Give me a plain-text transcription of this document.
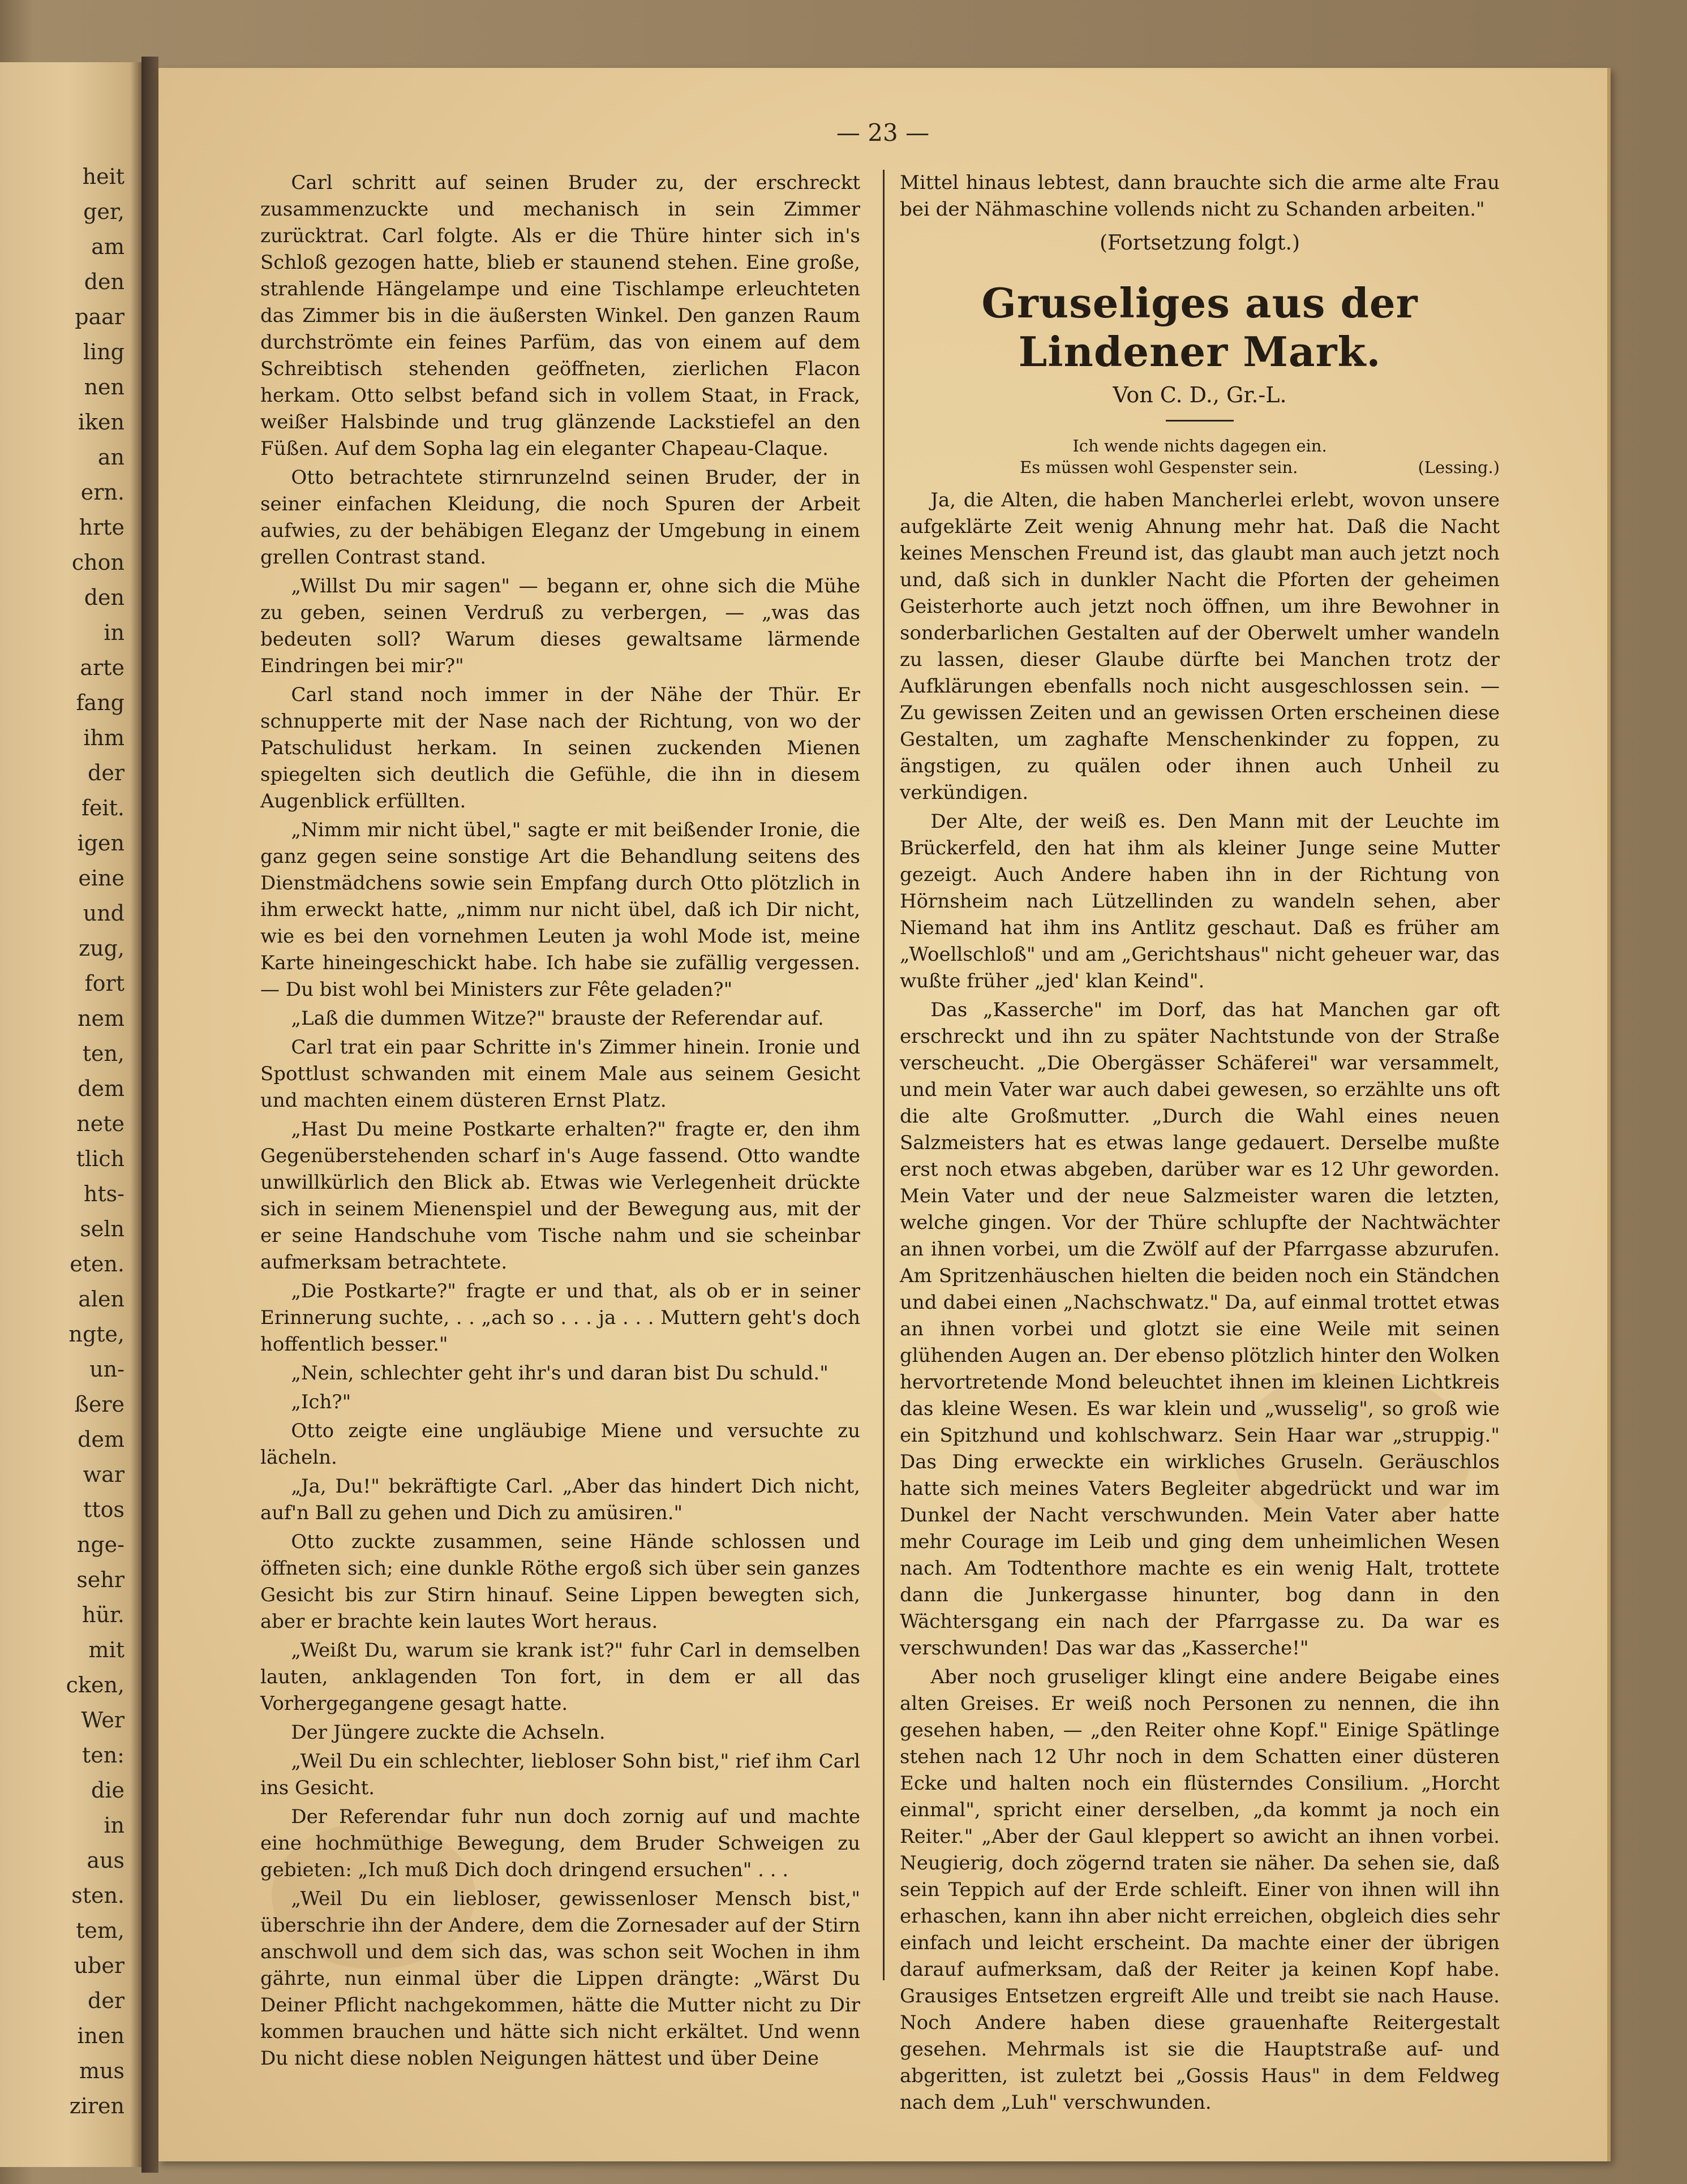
heit
ger,
am
den
paar
ling
nen
iken
an
ern.
hrte
chon
den
in
arte
fang
ihm
der
feit.
igen
eine
und
zug,
fort
nem
ten,
dem
nete
tlich
hts-
seln
eten.
alen
ngte,
un-
ßere
dem
war
ttos
nge-
sehr
hür.
mit
cken,
Wer
ten:
die
in
aus
sten.
tem,
uber
der
inen
mus
ziren
— 23 —

Carl schritt auf seinen Bruder zu, der erschreckt zusammenzuckte und mechanisch in sein Zimmer zurücktrat. Carl folgte. Als er die Thüre hinter sich in's Schloß gezogen hatte, blieb er staunend stehen. Eine große, strahlende Hängelampe und eine Tischlampe erleuchteten das Zimmer bis in die äußersten Winkel. Den ganzen Raum durchströmte ein feines Parfüm, das von einem auf dem Schreibtisch stehenden geöffneten, zierlichen Flacon herkam. Otto selbst befand sich in vollem Staat, in Frack, weißer Halsbinde und trug glänzende Lackstiefel an den Füßen. Auf dem Sopha lag ein eleganter Chapeau-Claque.

Otto betrachtete stirnrunzelnd seinen Bruder, der in seiner einfachen Kleidung, die noch Spuren der Arbeit aufwies, zu der behäbigen Eleganz der Umgebung in einem grellen Contrast stand.

„Willst Du mir sagen" — begann er, ohne sich die Mühe zu geben, seinen Verdruß zu verbergen, — „was das bedeuten soll? Warum dieses gewaltsame lärmende Eindringen bei mir?"

Carl stand noch immer in der Nähe der Thür. Er schnupperte mit der Nase nach der Richtung, von wo der Patschulidust herkam. In seinen zuckenden Mienen spiegelten sich deutlich die Gefühle, die ihn in diesem Augenblick erfüllten.

„Nimm mir nicht übel," sagte er mit beißender Ironie, die ganz gegen seine sonstige Art die Behandlung seitens des Dienstmädchens sowie sein Empfang durch Otto plötzlich in ihm erweckt hatte, „nimm nur nicht übel, daß ich Dir nicht, wie es bei den vornehmen Leuten ja wohl Mode ist, meine Karte hineingeschickt habe. Ich habe sie zufällig vergessen. — Du bist wohl bei Ministers zur Fête geladen?"

„Laß die dummen Witze?" brauste der Referendar auf.

Carl trat ein paar Schritte in's Zimmer hinein. Ironie und Spottlust schwanden mit einem Male aus seinem Gesicht und machten einem düsteren Ernst Platz.

„Hast Du meine Postkarte erhalten?" fragte er, den ihm Gegenüberstehenden scharf in's Auge fassend. Otto wandte unwillkürlich den Blick ab. Etwas wie Verlegenheit drückte sich in seinem Mienenspiel und der Bewegung aus, mit der er seine Handschuhe vom Tische nahm und sie scheinbar aufmerksam betrachtete.

„Die Postkarte?" fragte er und that, als ob er in seiner Erinnerung suchte, . . „ach so . . . ja . . . Muttern geht's doch hoffentlich besser."

„Nein, schlechter geht ihr's und daran bist Du schuld."

„Ich?"

Otto zeigte eine ungläubige Miene und versuchte zu lächeln.

„Ja, Du!" bekräftigte Carl. „Aber das hindert Dich nicht, auf'n Ball zu gehen und Dich zu amüsiren."

Otto zuckte zusammen, seine Hände schlossen und öffneten sich; eine dunkle Röthe ergoß sich über sein ganzes Gesicht bis zur Stirn hinauf. Seine Lippen bewegten sich, aber er brachte kein lautes Wort heraus.

„Weißt Du, warum sie krank ist?" fuhr Carl in demselben lauten, anklagenden Ton fort, in dem er all das Vorhergegangene gesagt hatte.

Der Jüngere zuckte die Achseln.

„Weil Du ein schlechter, liebloser Sohn bist," rief ihm Carl ins Gesicht.

Der Referendar fuhr nun doch zornig auf und machte eine hochmüthige Bewegung, dem Bruder Schweigen zu gebieten: „Ich muß Dich doch dringend ersuchen" . . .

„Weil Du ein liebloser, gewissenloser Mensch bist," überschrie ihn der Andere, dem die Zornesader auf der Stirn anschwoll und dem sich das, was schon seit Wochen in ihm gährte, nun einmal über die Lippen drängte: „Wärst Du Deiner Pflicht nachgekommen, hätte die Mutter nicht zu Dir kommen brauchen und hätte sich nicht erkältet. Und wenn Du nicht diese noblen Neigungen hättest und über Deine

Mittel hinaus lebtest, dann brauchte sich die arme alte Frau bei der Nähmaschine vollends nicht zu Schanden arbeiten."

(Fortsetzung folgt.)
Gruseliges aus der Lindener Mark.
Von C. D., Gr.-L.
Ich wende nichts dagegen ein.
Es müssen wohl Gespenster sein.	(Lessing.)

Ja, die Alten, die haben Mancherlei erlebt, wovon unsere aufgeklärte Zeit wenig Ahnung mehr hat. Daß die Nacht keines Menschen Freund ist, das glaubt man auch jetzt noch und, daß sich in dunkler Nacht die Pforten der geheimen Geisterhorte auch jetzt noch öffnen, um ihre Bewohner in sonderbarlichen Gestalten auf der Oberwelt umher wandeln zu lassen, dieser Glaube dürfte bei Manchen trotz der Aufklärungen ebenfalls noch nicht ausgeschlossen sein. — Zu gewissen Zeiten und an gewissen Orten erscheinen diese Gestalten, um zaghafte Menschenkinder zu foppen, zu ängstigen, zu quälen oder ihnen auch Unheil zu verkündigen.

Der Alte, der weiß es. Den Mann mit der Leuchte im Brückerfeld, den hat ihm als kleiner Junge seine Mutter gezeigt. Auch Andere haben ihn in der Richtung von Hörnsheim nach Lützellinden zu wandeln sehen, aber Niemand hat ihm ins Antlitz geschaut. Daß es früher am „Woellschloß" und am „Gerichtshaus" nicht geheuer war, das wußte früher „jed' klan Keind".

Das „Kasserche" im Dorf, das hat Manchen gar oft erschreckt und ihn zu später Nachtstunde von der Straße verscheucht. „Die Obergässer Schäferei" war versammelt, und mein Vater war auch dabei gewesen, so erzählte uns oft die alte Großmutter. „Durch die Wahl eines neuen Salzmeisters hat es etwas lange gedauert. Derselbe mußte erst noch etwas abgeben, darüber war es 12 Uhr geworden. Mein Vater und der neue Salzmeister waren die letzten, welche gingen. Vor der Thüre schlupfte der Nachtwächter an ihnen vorbei, um die Zwölf auf der Pfarrgasse abzurufen. Am Spritzenhäuschen hielten die beiden noch ein Ständchen und dabei einen „Nachschwatz." Da, auf einmal trottet etwas an ihnen vorbei und glotzt sie eine Weile mit seinen glühenden Augen an. Der ebenso plötzlich hinter den Wolken hervortretende Mond beleuchtet ihnen im kleinen Lichtkreis das kleine Wesen. Es war klein und „wusselig", so groß wie ein Spitzhund und kohlschwarz. Sein Haar war „struppig." Das Ding erweckte ein wirkliches Gruseln. Geräuschlos hatte sich meines Vaters Begleiter abgedrückt und war im Dunkel der Nacht verschwunden. Mein Vater aber hatte mehr Courage im Leib und ging dem unheimlichen Wesen nach. Am Todtenthore machte es ein wenig Halt, trottete dann die Junkergasse hinunter, bog dann in den Wächtersgang ein nach der Pfarrgasse zu. Da war es verschwunden! Das war das „Kasserche!"

Aber noch gruseliger klingt eine andere Beigabe eines alten Greises. Er weiß noch Personen zu nennen, die ihn gesehen haben, — „den Reiter ohne Kopf." Einige Spätlinge stehen nach 12 Uhr noch in dem Schatten einer düsteren Ecke und halten noch ein flüsterndes Consilium. „Horcht einmal", spricht einer derselben, „da kommt ja noch ein Reiter." „Aber der Gaul kleppert so awicht an ihnen vorbei. Neugierig, doch zögernd traten sie näher. Da sehen sie, daß sein Teppich auf der Erde schleift. Einer von ihnen will ihn erhaschen, kann ihn aber nicht erreichen, obgleich dies sehr einfach und leicht erscheint. Da machte einer der übrigen darauf aufmerksam, daß der Reiter ja keinen Kopf habe. Grausiges Entsetzen ergreift Alle und treibt sie nach Hause. Noch Andere haben diese grauenhafte Reitergestalt gesehen. Mehrmals ist sie die Hauptstraße auf- und abgeritten, ist zuletzt bei „Gossis Haus" in dem Feldweg nach dem „Luh" verschwunden.
